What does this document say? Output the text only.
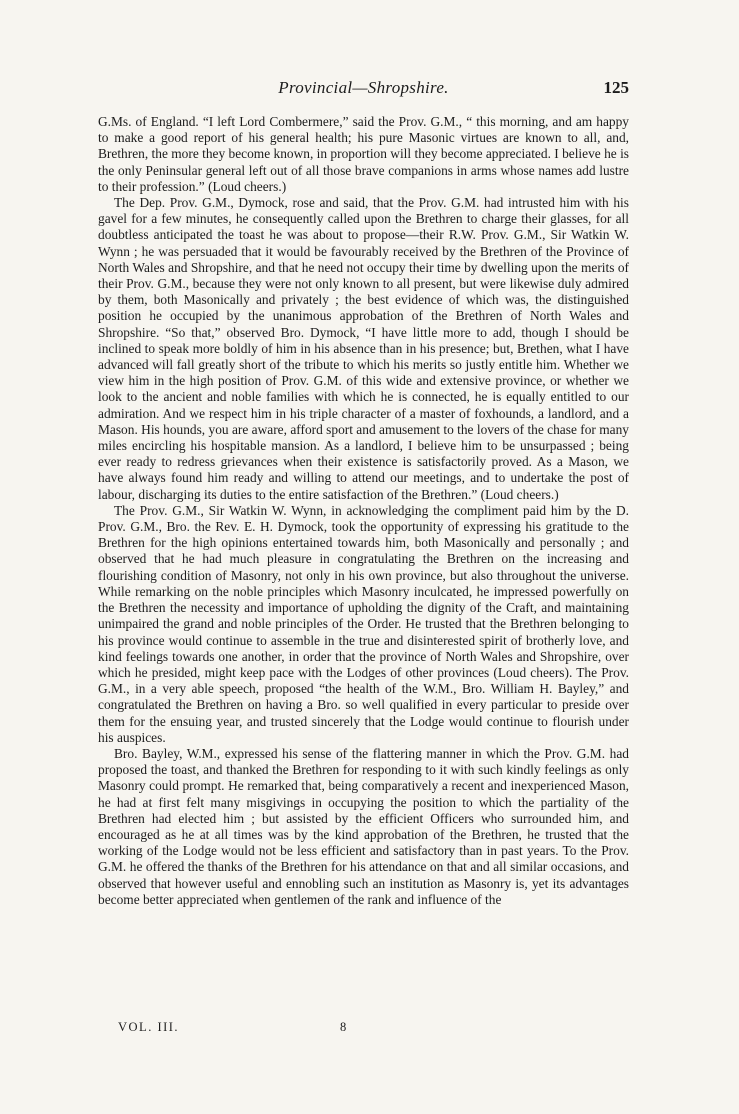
Provincial—Shropshire.	125

G.Ms. of England. “I left Lord Combermere,” said the Prov. G.M., “ this morning, and am happy to make a good report of his general health; his pure Masonic virtues are known to all, and, Brethren, the more they become known, in proportion will they become appreciated. I believe he is the only Peninsular general left out of all those brave companions in arms whose names add lustre to their profession.” (Loud cheers.)

The Dep. Prov. G.M., Dymock, rose and said, that the Prov. G.M. had intrusted him with his gavel for a few minutes, he consequently called upon the Brethren to charge their glasses, for all doubtless anticipated the toast he was about to propose—their R.W. Prov. G.M., Sir Watkin W. Wynn ; he was persuaded that it would be favourably received by the Brethren of the Province of North Wales and Shropshire, and that he need not occupy their time by dwelling upon the merits of their Prov. G.M., because they were not only known to all present, but were likewise duly admired by them, both Masonically and privately ; the best evidence of which was, the distinguished position he occupied by the unanimous approbation of the Brethren of North Wales and Shropshire. “So that,” observed Bro. Dymock, “I have little more to add, though I should be inclined to speak more boldly of him in his absence than in his presence; but, Brethen, what I have advanced will fall greatly short of the tribute to which his merits so justly entitle him. Whether we view him in the high position of Prov. G.M. of this wide and extensive province, or whether we look to the ancient and noble families with which he is connected, he is equally entitled to our admiration. And we respect him in his triple character of a master of foxhounds, a landlord, and a Mason. His hounds, you are aware, afford sport and amusement to the lovers of the chase for many miles encircling his hospitable mansion. As a landlord, I believe him to be unsurpassed ; being ever ready to redress grievances when their existence is satisfactorily proved. As a Mason, we have always found him ready and willing to attend our meetings, and to undertake the post of labour, discharging its duties to the entire satisfaction of the Brethren.” (Loud cheers.)

The Prov. G.M., Sir Watkin W. Wynn, in acknowledging the compliment paid him by the D. Prov. G.M., Bro. the Rev. E. H. Dymock, took the opportunity of expressing his gratitude to the Brethren for the high opinions entertained towards him, both Masonically and personally ; and observed that he had much pleasure in congratulating the Brethren on the increasing and flourishing condition of Masonry, not only in his own province, but also throughout the universe. While remarking on the noble principles which Masonry inculcated, he impressed powerfully on the Brethren the necessity and importance of upholding the dignity of the Craft, and maintaining unimpaired the grand and noble principles of the Order. He trusted that the Brethren belonging to his province would continue to assemble in the true and disinterested spirit of brotherly love, and kind feelings towards one another, in order that the province of North Wales and Shropshire, over which he presided, might keep pace with the Lodges of other provinces (Loud cheers). The Prov. G.M., in a very able speech, proposed “the health of the W.M., Bro. William H. Bayley,” and congratulated the Brethren on having a Bro. so well qualified in every particular to preside over them for the ensuing year, and trusted sincerely that the Lodge would continue to flourish under his auspices.

Bro. Bayley, W.M., expressed his sense of the flattering manner in which the Prov. G.M. had proposed the toast, and thanked the Brethren for responding to it with such kindly feelings as only Masonry could prompt. He remarked that, being comparatively a recent and inexperienced Mason, he had at first felt many misgivings in occupying the position to which the partiality of the Brethren had elected him ; but assisted by the efficient Officers who surrounded him, and encouraged as he at all times was by the kind approbation of the Brethren, he trusted that the working of the Lodge would not be less efficient and satisfactory than in past years. To the Prov. G.M. he offered the thanks of the Brethren for his attendance on that and all similar occasions, and observed that however useful and ennobling such an institution as Masonry is, yet its advantages become better appreciated when gentlemen of the rank and influence of the

VOL. III.	8
